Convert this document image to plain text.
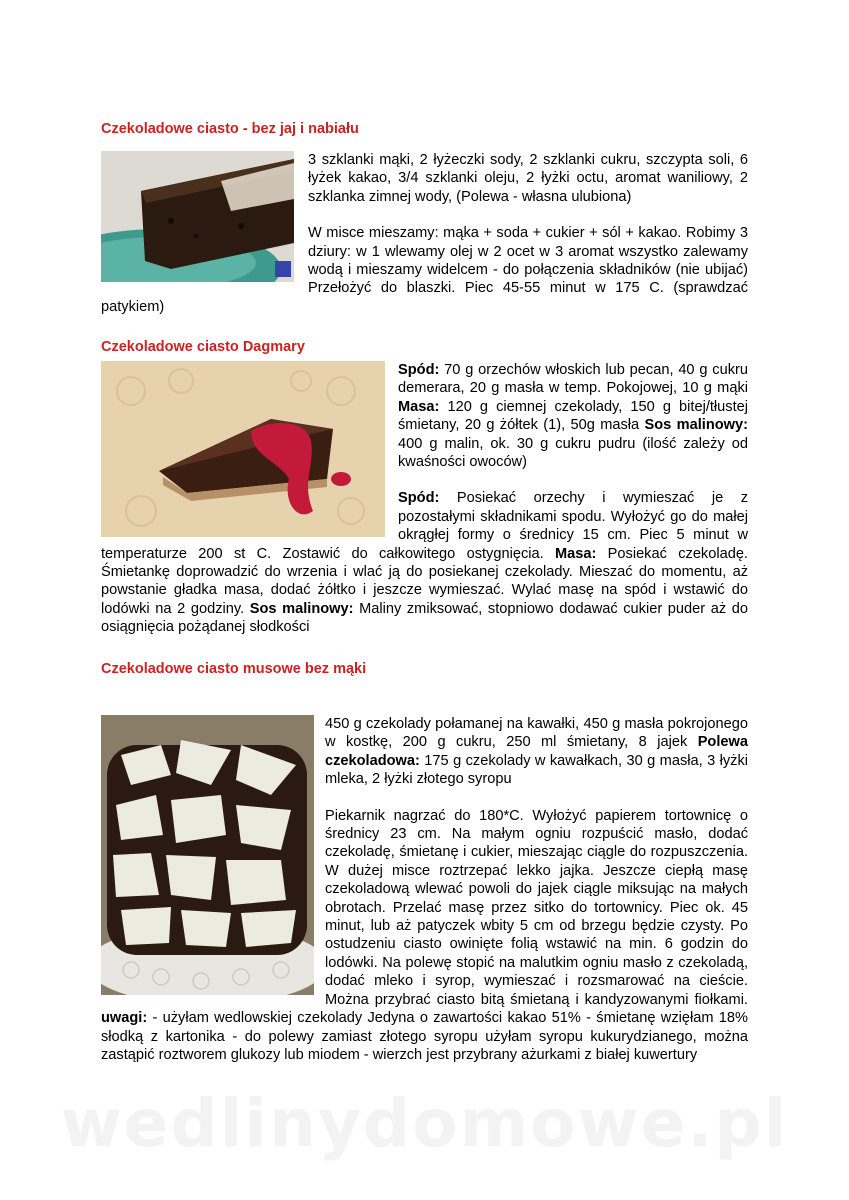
Czekoladowe ciasto - bez jaj i nabiału

3 szklanki mąki, 2 łyżeczki sody, 2 szklanki cukru, szczypta soli, 6 łyżek kakao, 3/4 szklanki oleju, 2 łyżki octu, aromat waniliowy, 2 szklanka zimnej wody, (Polewa - własna ulubiona)

W misce mieszamy: mąka + soda + cukier + sól + kakao. Robimy 3 dziury: w 1 wlewamy olej w 2 ocet w 3 aromat wszystko zalewamy wodą i mieszamy widelcem - do połączenia składników (nie ubijać) Przełożyć do blaszki. Piec 45-55 minut w 175 C. (sprawdzać patykiem)

Czekoladowe ciasto Dagmary

Spód: 70 g orzechów włoskich lub pecan, 40 g cukru demerara, 20 g masła w temp. Pokojowej, 10 g mąki Masa: 120 g ciemnej czekolady, 150 g bitej/tłustej śmietany, 20 g żółtek (1), 50g masła Sos malinowy: 400 g malin, ok. 30 g cukru pudru (ilość zależy od kwaśności owoców)

Spód: Posiekać orzechy i wymieszać je z pozostałymi składnikami spodu. Wyłożyć go do małej okrągłej formy o średnicy 15 cm. Piec 5 minut w temperaturze 200 st C. Zostawić do całkowitego ostygnięcia. Masa: Posiekać czekoladę. Śmietankę doprowadzić do wrzenia i wlać ją do posiekanej czekolady. Mieszać do momentu, aż powstanie gładka masa, dodać żółtko i jeszcze wymieszać. Wylać masę na spód i wstawić do lodówki na 2 godziny. Sos malinowy: Maliny zmiksować, stopniowo dodawać cukier puder aż do osiągnięcia pożądanej słodkości

Czekoladowe ciasto musowe bez mąki

450 g czekolady połamanej na kawałki, 450 g masła pokrojonego w kostkę, 200 g cukru, 250 ml śmietany, 8 jajek Polewa czekoladowa: 175 g czekolady w kawałkach, 30 g masła, 3 łyżki mleka, 2 łyżki złotego syropu

Piekarnik nagrzać do 180*C. Wyłożyć papierem tortownicę o średnicy 23 cm. Na małym ogniu rozpuścić masło, dodać czekoladę, śmietanę i cukier, mieszając ciągle do rozpuszczenia. W dużej misce roztrzepać lekko jajka. Jeszcze ciepłą masę czekoladową wlewać powoli do jajek ciągle miksując na małych obrotach. Przelać masę przez sitko do tortownicy. Piec ok. 45 minut, lub aż patyczek wbity 5 cm od brzegu będzie czysty. Po ostudzeniu ciasto owinięte folią wstawić na min. 6 godzin do lodówki. Na polewę stopić na malutkim ogniu masło z czekoladą, dodać mleko i syrop, wymieszać i rozsmarować na cieście. Można przybrać ciasto bitą śmietaną i kandyzowanymi fiołkami. uwagi: - użyłam wedlowskiej czekolady Jedyna o zawartości kakao 51% - śmietanę wzięłam 18% słodką z kartonika - do polewy zamiast złotego syropu użyłam syropu kukurydzianego, można zastąpić roztworem glukozy lub miodem - wierzch jest przybrany ażurkami z białej kuwertury

wedlinydomowe.pl
